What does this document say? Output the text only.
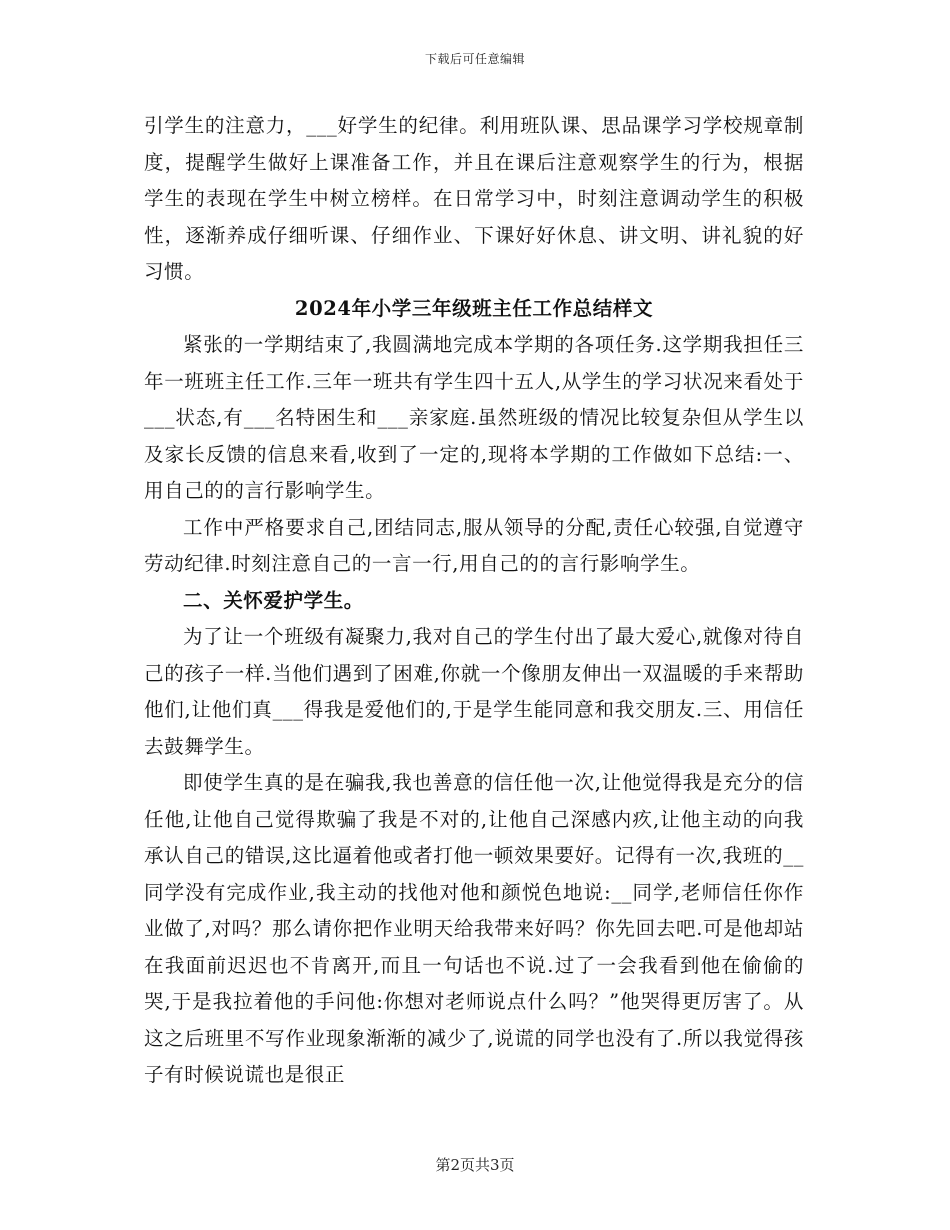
下载后可任意编辑

引学生的注意力，___好学生的纪律。利用班队课、思品课学习学校规章制度，提醒学生做好上课准备工作，并且在课后注意观察学生的行为，根据学生的表现在学生中树立榜样。在日常学习中，时刻注意调动学生的积极性，逐渐养成仔细听课、仔细作业、下课好好休息、讲文明、讲礼貌的好习惯。

2024年小学三年级班主任工作总结样文

紧张的一学期结束了,我圆满地完成本学期的各项任务.这学期我担任三年一班班主任工作.三年一班共有学生四十五人,从学生的学习状况来看处于___状态,有___名特困生和___亲家庭.虽然班级的情况比较复杂但从学生以及家长反馈的信息来看,收到了一定的,现将本学期的工作做如下总结:一、用自己的的言行影响学生。

工作中严格要求自己,团结同志,服从领导的分配,责任心较强,自觉遵守劳动纪律.时刻注意自己的一言一行,用自己的的言行影响学生。

二、关怀爱护学生。

为了让一个班级有凝聚力,我对自己的学生付出了最大爱心,就像对待自己的孩子一样.当他们遇到了困难,你就一个像朋友伸出一双温暖的手来帮助他们,让他们真___得我是爱他们的,于是学生能同意和我交朋友.三、用信任去鼓舞学生。

即使学生真的是在骗我,我也善意的信任他一次,让他觉得我是充分的信任他,让他自己觉得欺骗了我是不对的,让他自己深感内疚,让他主动的向我承认自己的错误,这比逼着他或者打他一顿效果要好。记得有一次,我班的__同学没有完成作业,我主动的找他对他和颜悦色地说:__同学,老师信任你作业做了,对吗？那么请你把作业明天给我带来好吗？你先回去吧.可是他却站在我面前迟迟也不肯离开,而且一句话也不说.过了一会我看到他在偷偷的哭,于是我拉着他的手问他:你想对老师说点什么吗？”他哭得更厉害了。从这之后班里不写作业现象渐渐的减少了,说谎的同学也没有了.所以我觉得孩子有时候说谎也是很正

第2页共3页
